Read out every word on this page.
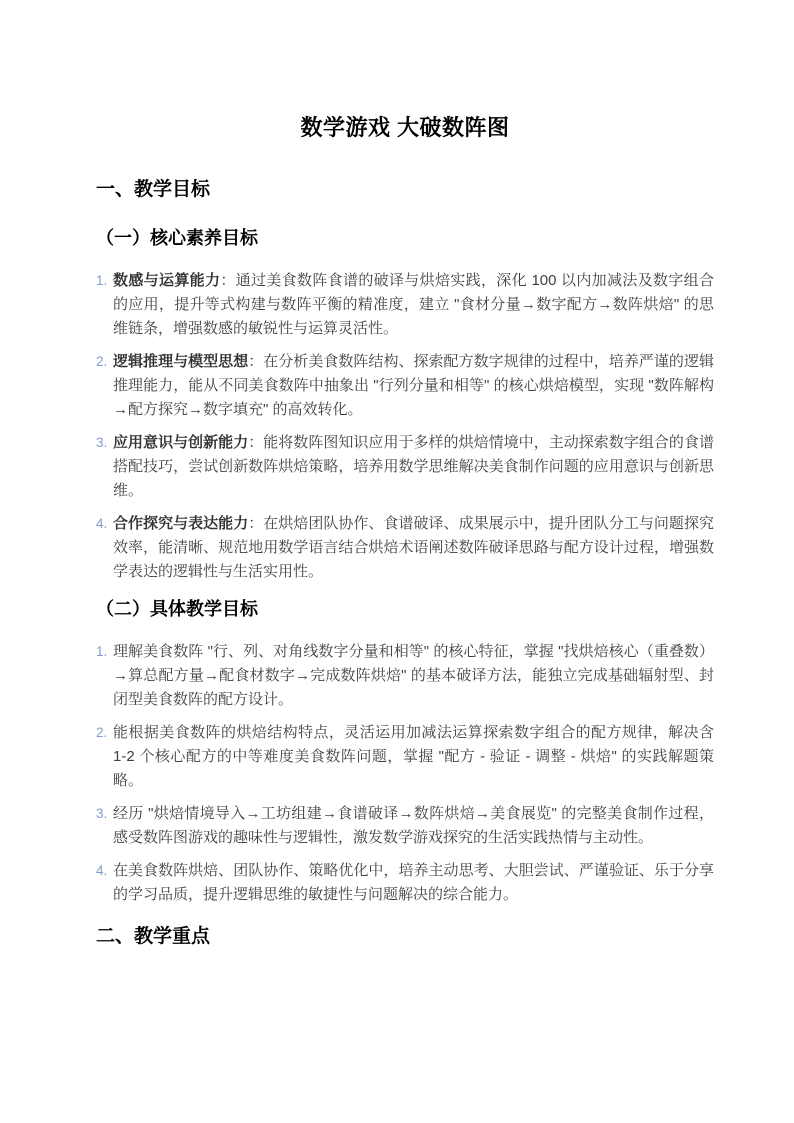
数学游戏 大破数阵图
一、教学目标
（一）核心素养目标
1. 数感与运算能力：通过美食数阵食谱的破译与烘焙实践，深化 100 以内加减法及数字组合的应用，提升等式构建与数阵平衡的精准度，建立 "食材分量→数字配方→数阵烘焙" 的思维链条，增强数感的敏锐性与运算灵活性。

2. 逻辑推理与模型思想：在分析美食数阵结构、探索配方数字规律的过程中，培养严谨的逻辑推理能力，能从不同美食数阵中抽象出 "行列分量和相等" 的核心烘焙模型，实现 "数阵解构→配方探究→数字填充" 的高效转化。

3. 应用意识与创新能力：能将数阵图知识应用于多样的烘焙情境中，主动探索数字组合的食谱搭配技巧，尝试创新数阵烘焙策略，培养用数学思维解决美食制作问题的应用意识与创新思维。

4. 合作探究与表达能力：在烘焙团队协作、食谱破译、成果展示中，提升团队分工与问题探究效率，能清晰、规范地用数学语言结合烘焙术语阐述数阵破译思路与配方设计过程，增强数学表达的逻辑性与生活实用性。

（二）具体教学目标
1. 理解美食数阵 "行、列、对角线数字分量和相等" 的核心特征，掌握 "找烘焙核心（重叠数）→算总配方量→配食材数字→完成数阵烘焙" 的基本破译方法，能独立完成基础辐射型、封闭型美食数阵的配方设计。

2. 能根据美食数阵的烘焙结构特点，灵活运用加减法运算探索数字组合的配方规律，解决含 1-2 个核心配方的中等难度美食数阵问题，掌握 "配方 - 验证 - 调整 - 烘焙" 的实践解题策略。

3. 经历 "烘焙情境导入→工坊组建→食谱破译→数阵烘焙→美食展览" 的完整美食制作过程，感受数阵图游戏的趣味性与逻辑性，激发数学游戏探究的生活实践热情与主动性。

4. 在美食数阵烘焙、团队协作、策略优化中，培养主动思考、大胆尝试、严谨验证、乐于分享的学习品质，提升逻辑思维的敏捷性与问题解决的综合能力。

二、教学重点
